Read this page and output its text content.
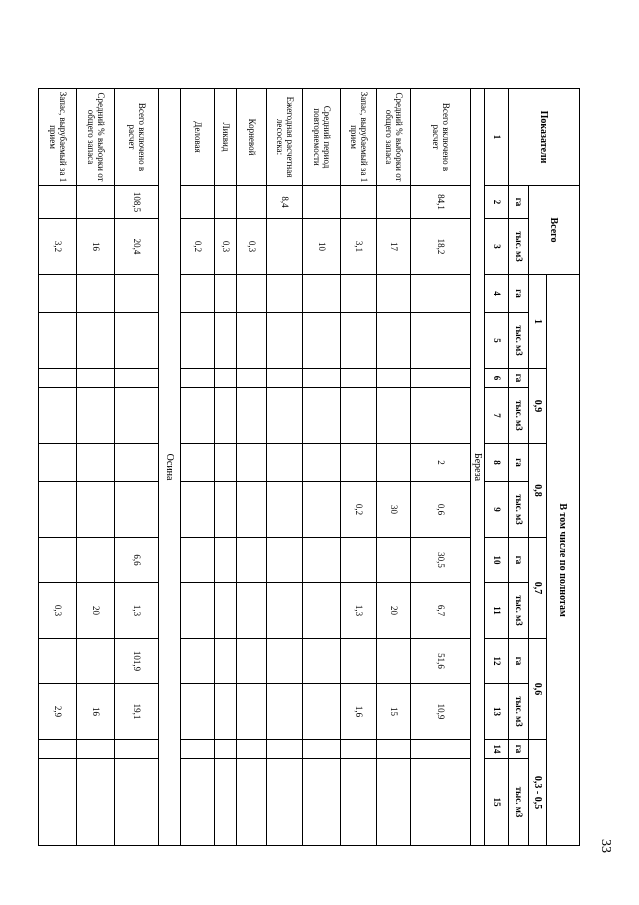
33
Показатели	Всего		В том числе по полнотам											
			1		0,9		0,8		0,7		0,6		0,3 - 0,5	
	га	тыс. м3	га	тыс. м3	га	тыс. м3	га	тыс. м3	га	тыс. м3	га	тыс. м3	га	тыс. м3
1	2	3	4	5	6	7	8	9	10	11	12	13	14	15
Береза														
Всего включено в расчет	84,1	18,2					2	0,6	30,5	6,7	51,6	10,9		
Средний % выборки от общего запаса		17						30		20		15		
Запас, вырубаемый за 1 прием		3,1						0,2		1,3		1,6		
Средний период повторяемости		10												
Ежегодная расчетная лесосека:	8,4													
Корневой		0,3												
Ликвид		0,3												
Деловая		0,2												
Осина														
Всего включено в расчет	108,5	20,4							6,6	1,3	101,9	19,1		
Средний % выборки от общего запаса		16								20		16		
Запас, вырубаемый за 1 прием		3,2								0,3		2,9		
